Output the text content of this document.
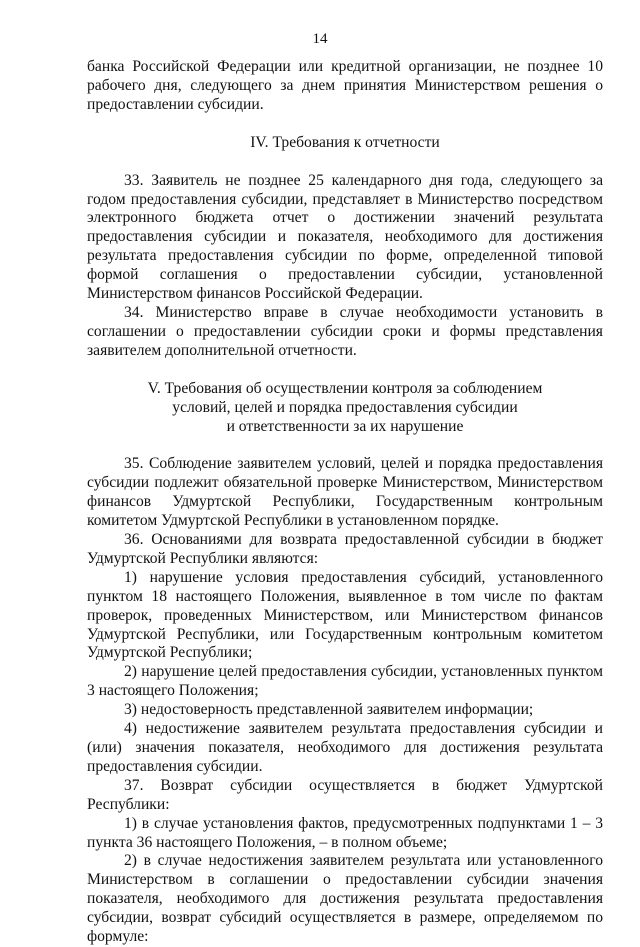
14

банка Российской Федерации или кредитной организации, не позднее 10 рабочего дня, следующего за днем принятия Министерством решения о предоставлении субсидии.

IV. Требования к отчетности

33. Заявитель не позднее 25 календарного дня года, следующего за годом предоставления субсидии, представляет в Министерство посредством электронного бюджета отчет о достижении значений результата предоставления субсидии и показателя, необходимого для достижения результата предоставления субсидии по форме, определенной типовой формой соглашения о предоставлении субсидии, установленной Министерством финансов Российской Федерации.

34. Министерство вправе в случае необходимости установить в соглашении о предоставлении субсидии сроки и формы представления заявителем дополнительной отчетности.

V. Требования об осуществлении контроля за соблюдением

условий, целей и порядка предоставления субсидии

и ответственности за их нарушение

35. Соблюдение заявителем условий, целей и порядка предоставления субсидии подлежит обязательной проверке Министерством, Министерством финансов Удмуртской Республики, Государственным контрольным комитетом Удмуртской Республики в установленном порядке.

36. Основаниями для возврата предоставленной субсидии в бюджет Удмуртской Республики являются:

1) нарушение условия предоставления субсидий, установленного пунктом 18 настоящего Положения, выявленное в том числе по фактам проверок, проведенных Министерством, или Министерством финансов Удмуртской Республики, или Государственным контрольным комитетом Удмуртской Республики;

2) нарушение целей предоставления субсидии, установленных пунктом 3 настоящего Положения;

3) недостоверность представленной заявителем информации;

4) недостижение заявителем результата предоставления субсидии и (или) значения показателя, необходимого для достижения результата предоставления субсидии.

37. Возврат субсидии осуществляется в бюджет Удмуртской Республики:

1) в случае установления фактов, предусмотренных подпунктами 1 – 3 пункта 36 настоящего Положения, – в полном объеме;

2) в случае недостижения заявителем результата или установленного Министерством в соглашении о предоставлении субсидии значения показателя, необходимого для достижения результата предоставления субсидии, возврат субсидий осуществляется в размере, определяемом по формуле:
